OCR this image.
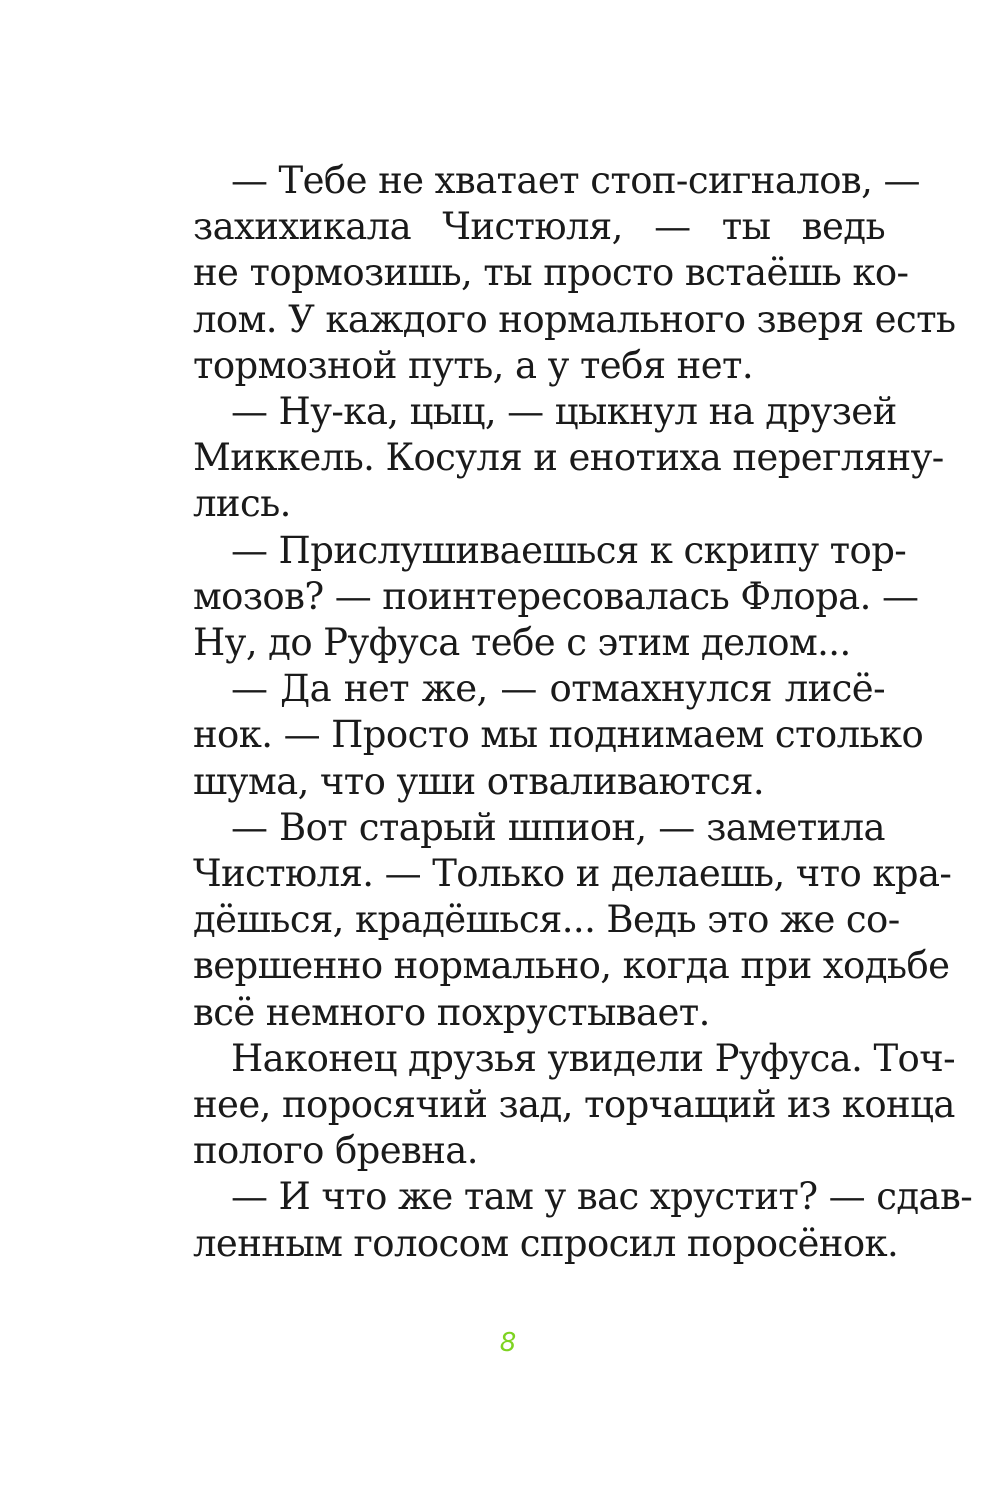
— Тебе не хватает стоп-сигналов, —
захихикала Чистюля, — ты ведь
не тормозишь, ты просто встаёшь ко-
лом. У каждого нормального зверя есть
тормозной путь, а у тебя нет.

— Ну-ка, цыц, — цыкнул на друзей
Миккель. Косуля и енотиха перегляну-
лись.

— Прислушиваешься к скрипу тор-
мозов? — поинтересовалась Флора. —
Ну, до Руфуса тебе с этим делом...

— Да нет же, — отмахнулся лисё-
нок. — Просто мы поднимаем столько
шума, что уши отваливаются.

— Вот старый шпион, — заметила
Чистюля. — Только и делаешь, что кра-
дёшься, крадёшься... Ведь это же со-
вершенно нормально, когда при ходьбе
всё немного похрустывает.

Наконец друзья увидели Руфуса. Точ-
нее, поросячий зад, торчащий из конца
полого бревна.

— И что же там у вас хрустит? — сдав-
ленным голосом спросил поросёнок.

8
